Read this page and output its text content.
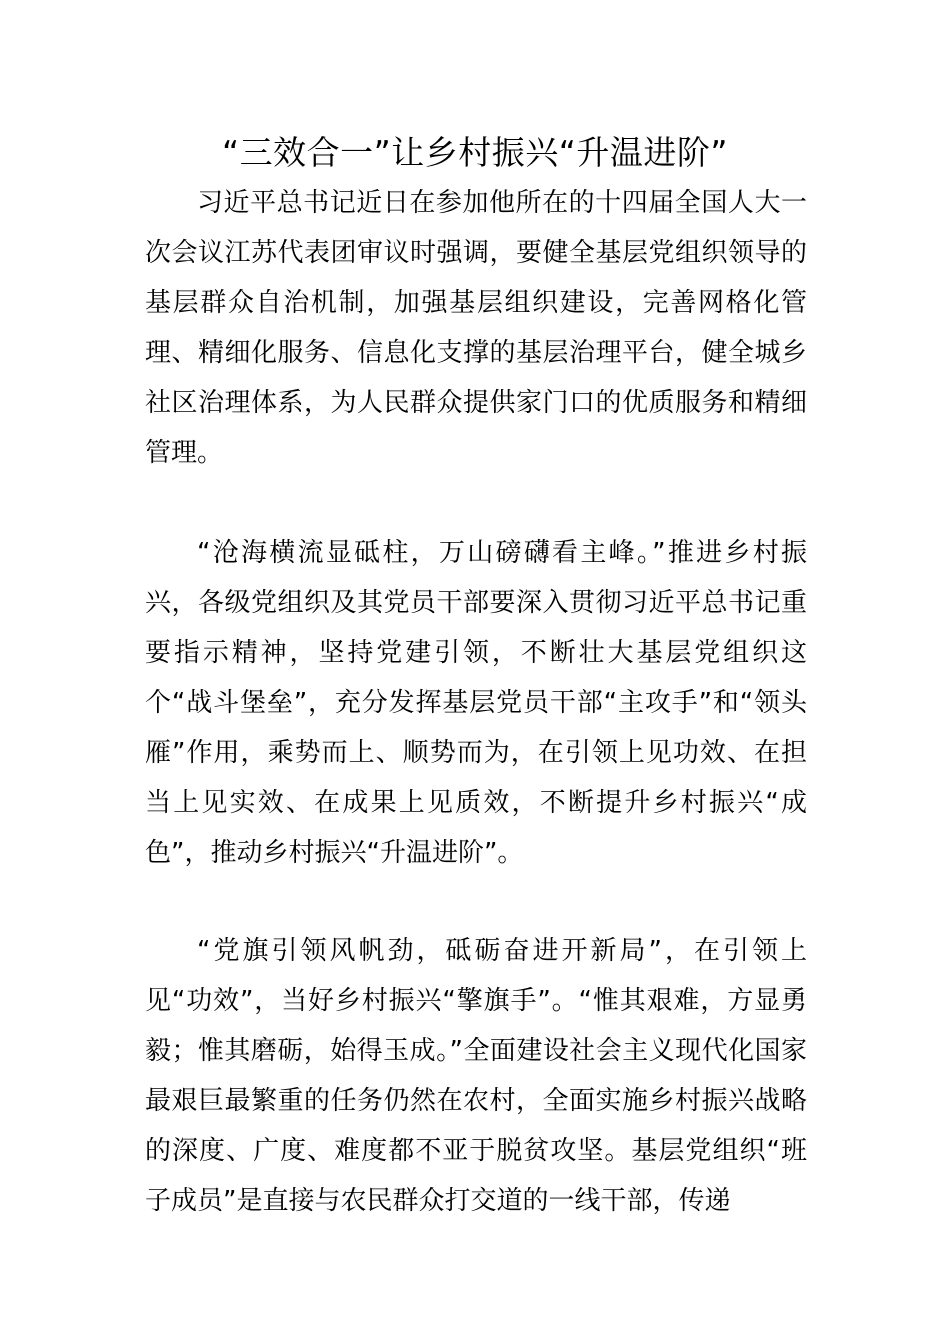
“三效合一”让乡村振兴“升温进阶”

习近平总书记近日在参加他所在的十四届全国人大一次会议江苏代表团审议时强调，要健全基层党组织领导的基层群众自治机制，加强基层组织建设，完善网格化管理、精细化服务、信息化支撑的基层治理平台，健全城乡社区治理体系，为人民群众提供家门口的优质服务和精细管理。

“沧海横流显砥柱，万山磅礴看主峰。”推进乡村振兴，各级党组织及其党员干部要深入贯彻习近平总书记重要指示精神，坚持党建引领，不断壮大基层党组织这个“战斗堡垒”，充分发挥基层党员干部“主攻手”和“领头雁”作用，乘势而上、顺势而为，在引领上见功效、在担当上见实效、在成果上见质效，不断提升乡村振兴“成色”，推动乡村振兴“升温进阶”。

“党旗引领风帆劲，砥砺奋进开新局”，在引领上见“功效”，当好乡村振兴“擎旗手”。“惟其艰难，方显勇毅；惟其磨砺，始得玉成。”全面建设社会主义现代化国家最艰巨最繁重的任务仍然在农村，全面实施乡村振兴战略的深度、广度、难度都不亚于脱贫攻坚。基层党组织“班子成员”是直接与农民群众打交道的一线干部，传递
